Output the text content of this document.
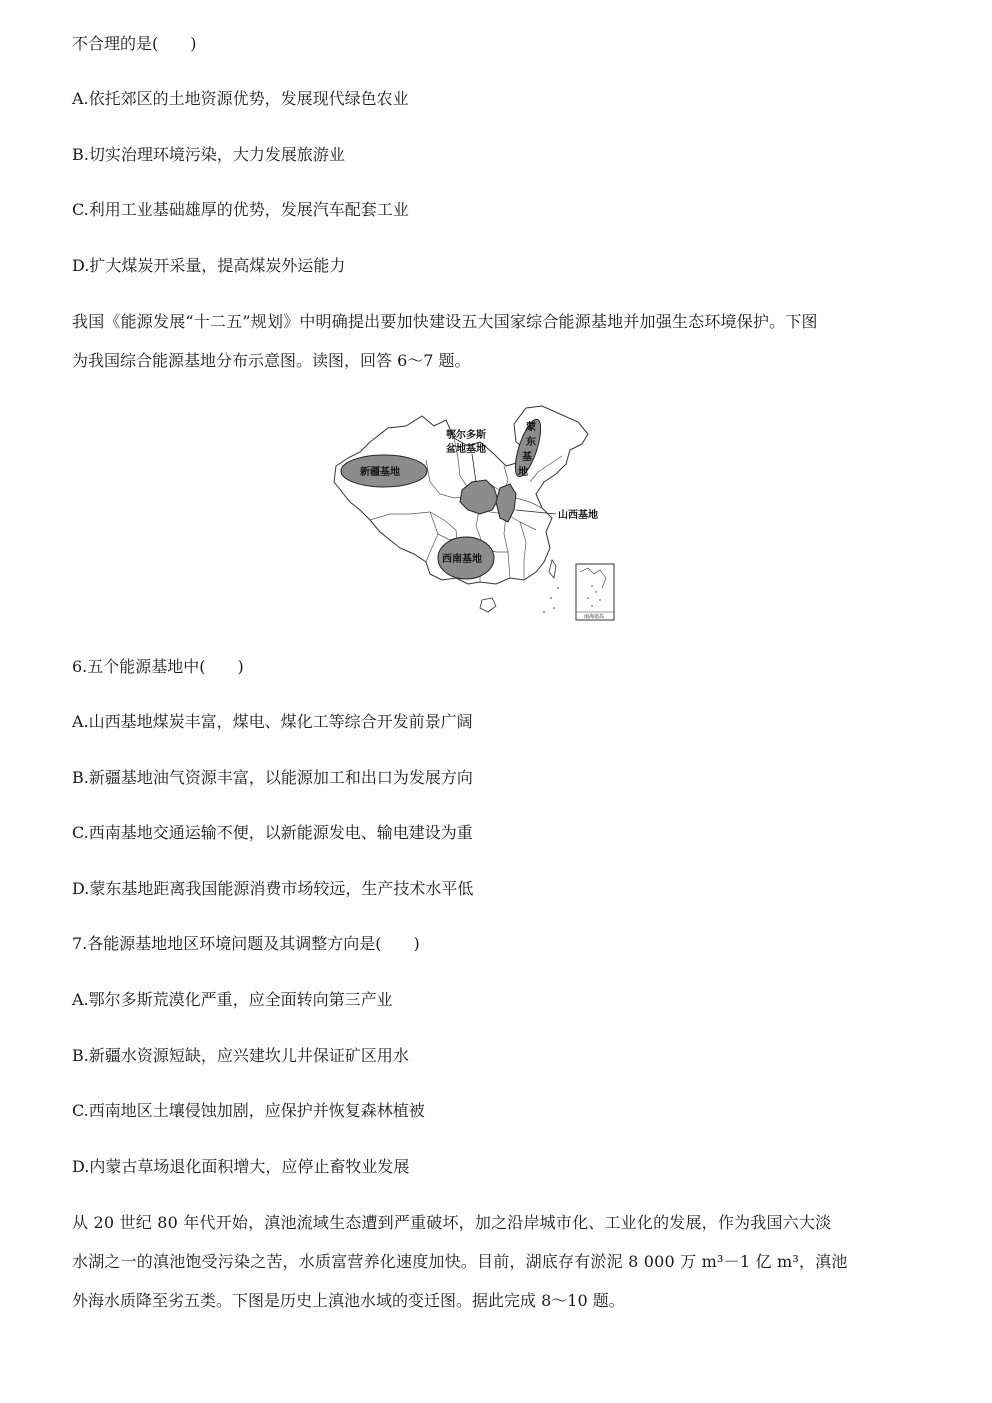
不合理的是(　　)
A.依托郊区的土地资源优势，发展现代绿色农业
B.切实治理环境污染，大力发展旅游业
C.利用工业基础雄厚的优势，发展汽车配套工业
D.扩大煤炭开采量，提高煤炭外运能力
我国《能源发展“十二五”规划》中明确提出要加快建设五大国家综合能源基地并加强生态环境保护。下图
为我国综合能源基地分布示意图。读图，回答 6～7 题。
新疆基地
鄂尔多斯
盆地基地
山西基地
蒙
东
基
地
西南基地
南海诸岛
6.五个能源基地中(　　)
A.山西基地煤炭丰富，煤电、煤化工等综合开发前景广阔
B.新疆基地油气资源丰富，以能源加工和出口为发展方向
C.西南基地交通运输不便，以新能源发电、输电建设为重
D.蒙东基地距离我国能源消费市场较远，生产技术水平低
7.各能源基地地区环境问题及其调整方向是(　　)
A.鄂尔多斯荒漠化严重，应全面转向第三产业
B.新疆水资源短缺，应兴建坎儿井保证矿区用水
C.西南地区土壤侵蚀加剧，应保护并恢复森林植被
D.内蒙古草场退化面积增大，应停止畜牧业发展
从 20 世纪 80 年代开始，滇池流域生态遭到严重破坏，加之沿岸城市化、工业化的发展，作为我国六大淡
水湖之一的滇池饱受污染之苦，水质富营养化速度加快。目前，湖底存有淤泥 8 000 万 m³－1 亿 m³，滇池
外海水质降至劣五类。下图是历史上滇池水域的变迁图。据此完成 8～10 题。
